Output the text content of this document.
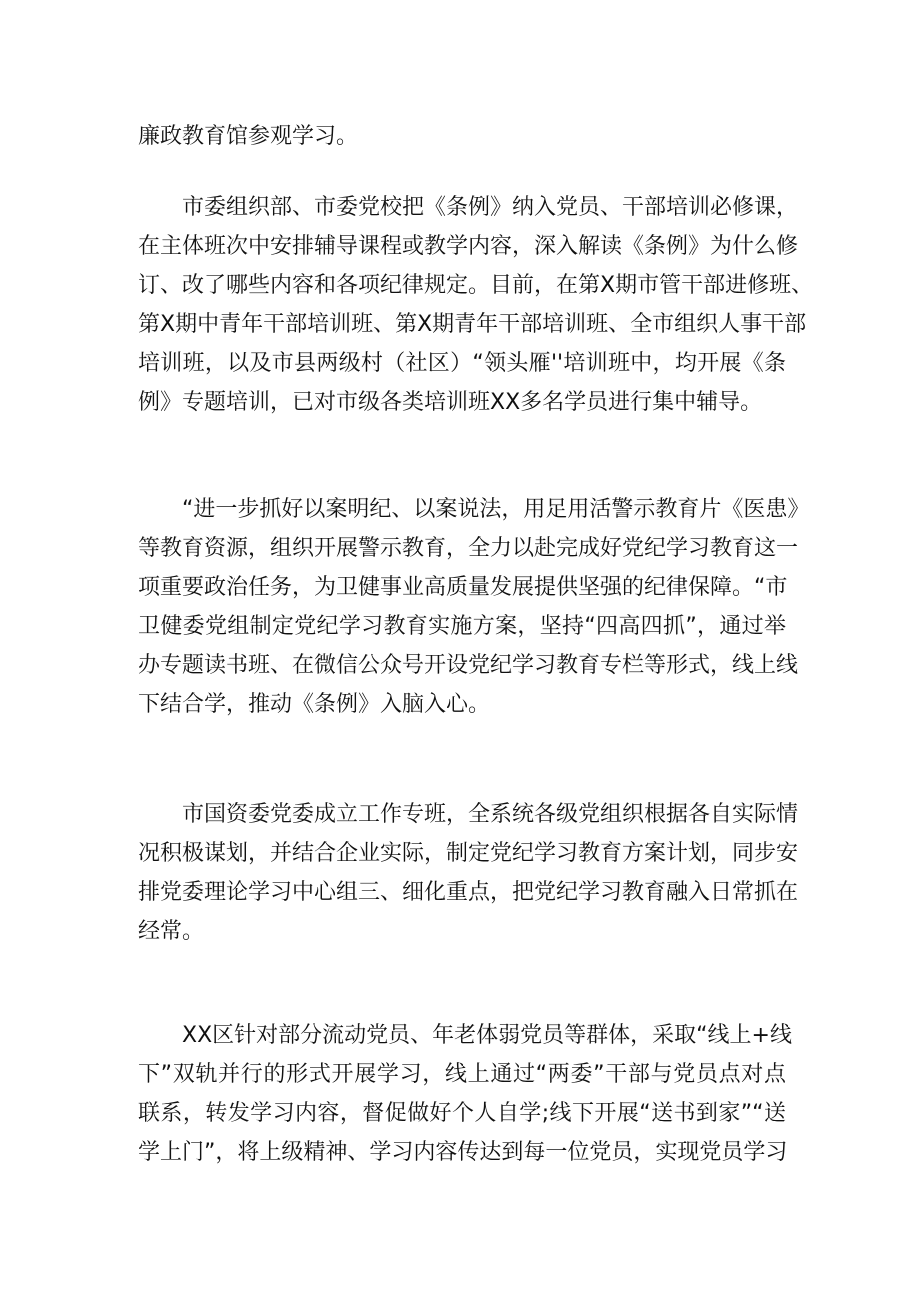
廉政教育馆参观学习。
市委组织部、市委党校把《条例》纳入党员、干部培训必修课，
在主体班次中安排辅导课程或教学内容，深入解读《条例》为什么修
订、改了哪些内容和各项纪律规定。目前，在第X期市管干部进修班、
第X期中青年干部培训班、第X期青年干部培训班、全市组织人事干部
培训班，以及市县两级村（社区）“领头雁''培训班中，均开展《条
例》专题培训，已对市级各类培训班XX多名学员进行集中辅导。
“进一步抓好以案明纪、以案说法，用足用活警示教育片《医患》
等教育资源，组织开展警示教育，全力以赴完成好党纪学习教育这一
项重要政治任务，为卫健事业高质量发展提供坚强的纪律保障。“市
卫健委党组制定党纪学习教育实施方案，坚持“四高四抓”，通过举
办专题读书班、在微信公众号开设党纪学习教育专栏等形式，线上线
下结合学，推动《条例》入脑入心。
市国资委党委成立工作专班，全系统各级党组织根据各自实际情
况积极谋划，并结合企业实际，制定党纪学习教育方案计划，同步安
排党委理论学习中心组三、细化重点，把党纪学习教育融入日常抓在
经常。
XX区针对部分流动党员、年老体弱党员等群体，采取“线上+线
下”双轨并行的形式开展学习，线上通过“两委”干部与党员点对点
联系，转发学习内容，督促做好个人自学;线下开展“送书到家”“送
学上门”，将上级精神、学习内容传达到每一位党员，实现党员学习
